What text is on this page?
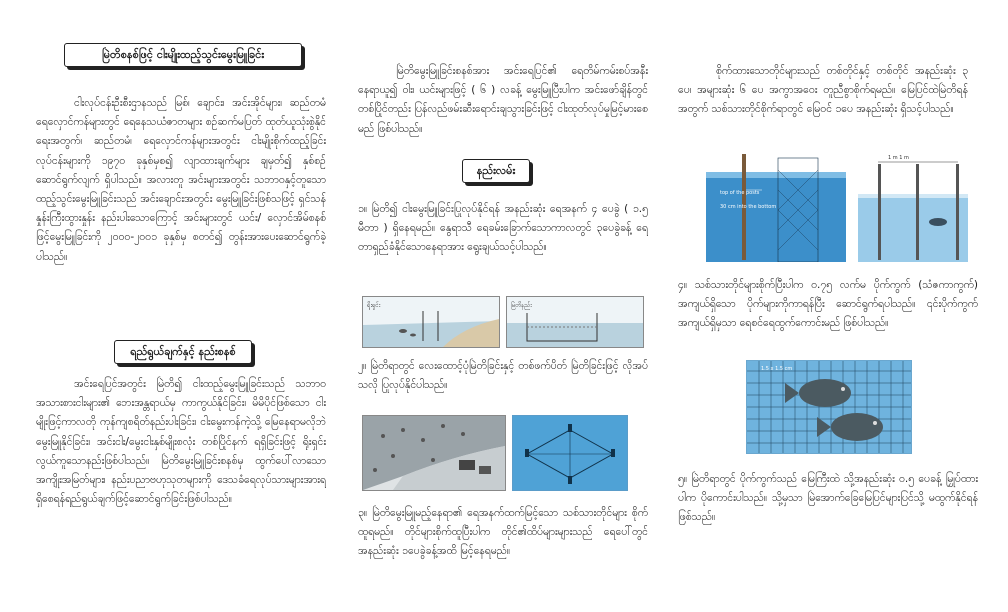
မြဲတိစနစ်ဖြင့် ငါးမျိုးထည့်သွင်းမွေးမြူခြင်း

ငါးလုပ်ငန်းဦးစီးဌာနသည် မြစ်၊ ချောင်း၊ အင်းအိုင်များ၊ ဆည်တမံ ရေလှောင်ကန်များတွင် ရေနေသယံဇာတများ စဉ်ဆက်မပြတ် ထုတ်ယူသုံးစွဲနိုင်ရေးအတွက်၊ ဆည်တမံ၊ ရေလှောင်ကန်များအတွင်း ငါးမျိုးစိုက်ထည့်ခြင်းလုပ်ငန်းများကို ၁၉၇၀ ခုနှစ်မှစ၍ လျာထားချက်များ ချမှတ်၍ နှစ်စဉ်ဆောင်ရွက်လျက် ရှိပါသည်။ အလားတူ အင်းများအတွင်း သဘာဝနှင့်တူသော ထည့်သွင်းမွေးမြူခြင်းသည် အင်းချောင်းအတွင်း မွေးမြူခြင်းဖြစ်သဖြင့် ရှင်သန်နှုန်းကြီးထွားနှုန်း နည်းပါးသောကြောင့် အင်းများတွင် ယင်း/ လှောင်အိမ်စနစ်ဖြင့်မွေးမြူခြင်းကို ၂၀၀၀-၂၀၀၁ ခုနှစ်မှ စတင်၍ တွန်းအားပေးဆောင်ရွက်ခဲ့ပါသည်။

ရည်ရွယ်ချက်နှင့် နည်းစနစ်

အင်းရေပြင်အတွင်း မြဲတိ၍ ငါးထည့်မွေးမြူခြင်းသည် သဘာဝအသားစားငါးများ၏ ဘေးအန္တရာယ်မှ ကာကွယ်နိုင်ခြင်း၊ မိမိပိုင်ဖြစ်သော ငါးမျိုးဖြင့်ကာလတို ကုန်ကျစရိတ်နည်းပါးခြင်း၊ ငါးမွေးကန်ကဲ့သို့ မြေနေရာမလိုဘဲ မွေးမြူနိုင်ခြင်း၊ အင်းငါး/မွေးငါးနှစ်မျိုးစလုံး တစ်ပြိုင်နက် ရရှိခြင်းဖြင့် ရိုးရှင်းလွယ်ကူသောနည်းဖြစ်ပါသည်။ မြဲတိမွေးမြူခြင်းစနစ်မှ ထွက်ပေါ်လာသော အကျိုးအမြတ်များ၊ နည်းပညာဗဟုသုတများကို ဒေသခံရေလုပ်သားများအားရရှိစေရန်ရည်ရွယ်ချက်ဖြင့်ဆောင်ရွက်ခြင်းဖြစ်ပါသည်။

မြဲတိမွေးမြူခြင်းစနစ်အား အင်းရေပြင်၏ ရေတိမ်ကမ်းစပ်အနီး နေရာယူ၍ ဝါး၊ ယင်းများဖြင့် ( ၆ ) လခန့် မွေးမြူပြီးပါက အင်းဖော်ချိန်တွင် တစ်ပြိုင်တည်း ပြန်လည်ဖမ်းဆီးရောင်းချသွားခြင်းဖြင့် ငါးထုတ်လုပ်မှုမြင့်မားစေမည် ဖြစ်ပါသည်။

နည်းလမ်း

၁။ မြဲတိ၍ ငါးမွေးမြူခြင်းပြုလုပ်နိုင်ရန် အနည်းဆုံး ရေအနက် ၄ ပေခွဲ ( ၁.၅ မီတာ ) ရှိနေရမည်။ နွေရာသီ ရေခမ်းခြောက်သောကာလတွင် ၃ပေခွဲခန့် ရေတာရှည်ခံနိုင်သောနေရာအား ရွေးချယ်သင့်ပါသည်။

ရိုးရှင်း	မြဲတိနည်း

၂။ မြဲတိရာတွင် လေးထောင့်ပုံမြဲတိခြင်းနှင့် တစ်ဖက်ပိတ် မြဲတိခြင်းဖြင့် လိုအပ်သလို ပြုလုပ်နိုင်ပါသည်။

၃။ မြဲတိမွေးမြူမည့်နေရာ၏ ရေအနက်ထက်မြင့်သော သစ်သားတိုင်များ စိုက်ထူရမည်။ တိုင်များစိုက်ထူပြီးပါက တိုင်၏ထိပ်များများသည် ရေပေါ်တွင် အနည်းဆုံး ၁ပေခွဲခန့်အထိ မြင့်နေရမည်။

စိုက်ထားသောတိုင်များသည် တစ်တိုင်နှင့် တစ်တိုင် အနည်းဆုံး ၃ ပေ၊ အများဆုံး ၆ ပေ အကွာအဝေး တူညီစွာစိုက်ရမည်။ မြေပြင်ထဲမြဲတိရန်အတွက် သစ်သားတိုင်စိုက်ရာတွင် မြေ၀င် ၁ပေ အနည်းဆုံး ရှိသင့်ပါသည်။

top of the posts
30 cm into the bottom
1 m 1 m

၄။ သစ်သားတိုင်များစိုက်ပြီးပါက ၀.၇၅ လက်မ ပိုက်ကွက် (သံဇကာကွက်) အကျယ်ရှိသော ပိုက်များကိုကာရန်ပြီး ဆောင်ရွက်ရပါသည်။ ၎င်းပိုက်ကွက် အကျယ်ရှိမှသာ ရေစင်ရေထွက်ကောင်းမည် ဖြစ်ပါသည်။

1.5 x 1.5 cm

၅။ မြဲတိရာတွင် ပိုက်ကွက်သည် မြေကြီးထဲ သို့အနည်းဆုံး ၀.၅ ပေခန့် မြှုပ်ထားပါက ပိုကောင်းပါသည်။ သို့မှသာ မြဲအောက်ခြေမြေပြင်များပြင်သို့ မထွက်နိုင်ရန် ဖြစ်သည်။
